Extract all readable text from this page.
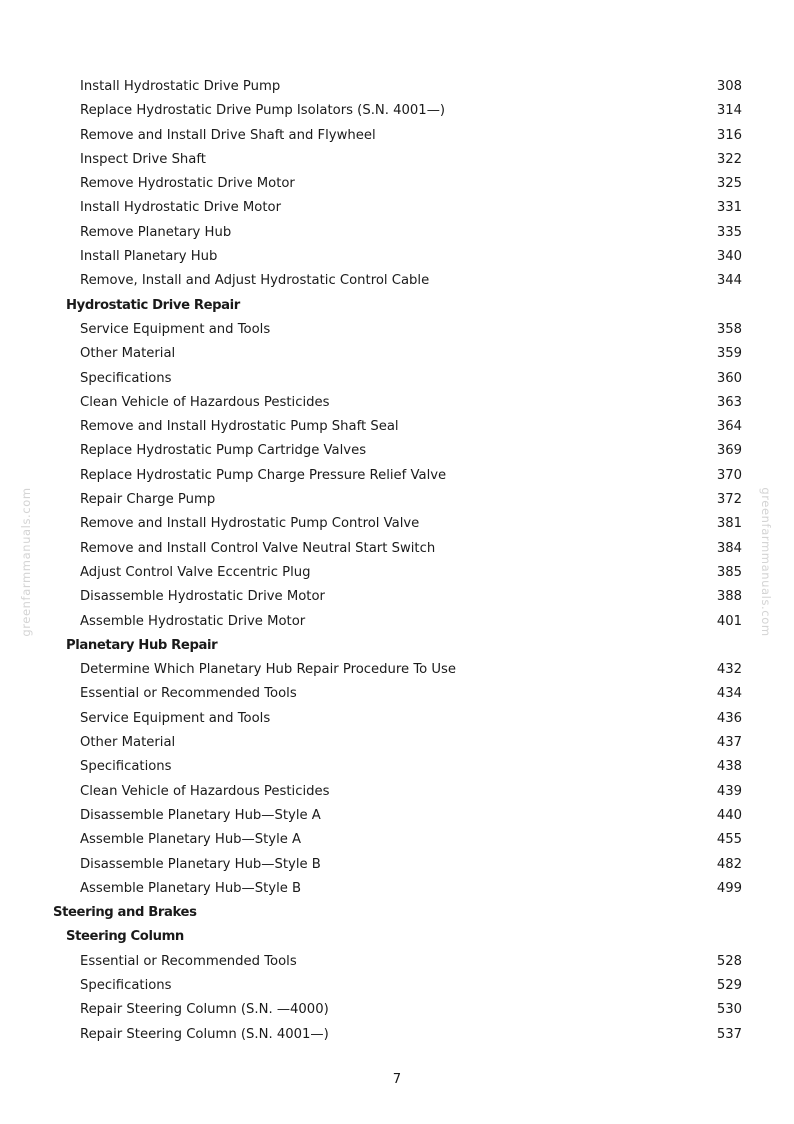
Install Hydrostatic Drive Pump	308
Replace Hydrostatic Drive Pump Isolators (S.N. 4001—)	314
Remove and Install Drive Shaft and Flywheel	316
Inspect Drive Shaft	322
Remove Hydrostatic Drive Motor	325
Install Hydrostatic Drive Motor	331
Remove Planetary Hub	335
Install Planetary Hub	340
Remove, Install and Adjust Hydrostatic Control Cable	344
Hydrostatic Drive Repair
Service Equipment and Tools	358
Other Material	359
Specifications	360
Clean Vehicle of Hazardous Pesticides	363
Remove and Install Hydrostatic Pump Shaft Seal	364
Replace Hydrostatic Pump Cartridge Valves	369
Replace Hydrostatic Pump Charge Pressure Relief Valve	370
Repair Charge Pump	372
Remove and Install Hydrostatic Pump Control Valve	381
Remove and Install Control Valve Neutral Start Switch	384
Adjust Control Valve Eccentric Plug	385
Disassemble Hydrostatic Drive Motor	388
Assemble Hydrostatic Drive Motor	401
Planetary Hub Repair
Determine Which Planetary Hub Repair Procedure To Use	432
Essential or Recommended Tools	434
Service Equipment and Tools	436
Other Material	437
Specifications	438
Clean Vehicle of Hazardous Pesticides	439
Disassemble Planetary Hub—Style A	440
Assemble Planetary Hub—Style A	455
Disassemble Planetary Hub—Style B	482
Assemble Planetary Hub—Style B	499
Steering and Brakes
Steering Column
Essential or Recommended Tools	528
Specifications	529
Repair Steering Column (S.N. —4000)	530
Repair Steering Column (S.N. 4001—)	537
7
greenfarmmanuals.com	greenfarmmanuals.com
